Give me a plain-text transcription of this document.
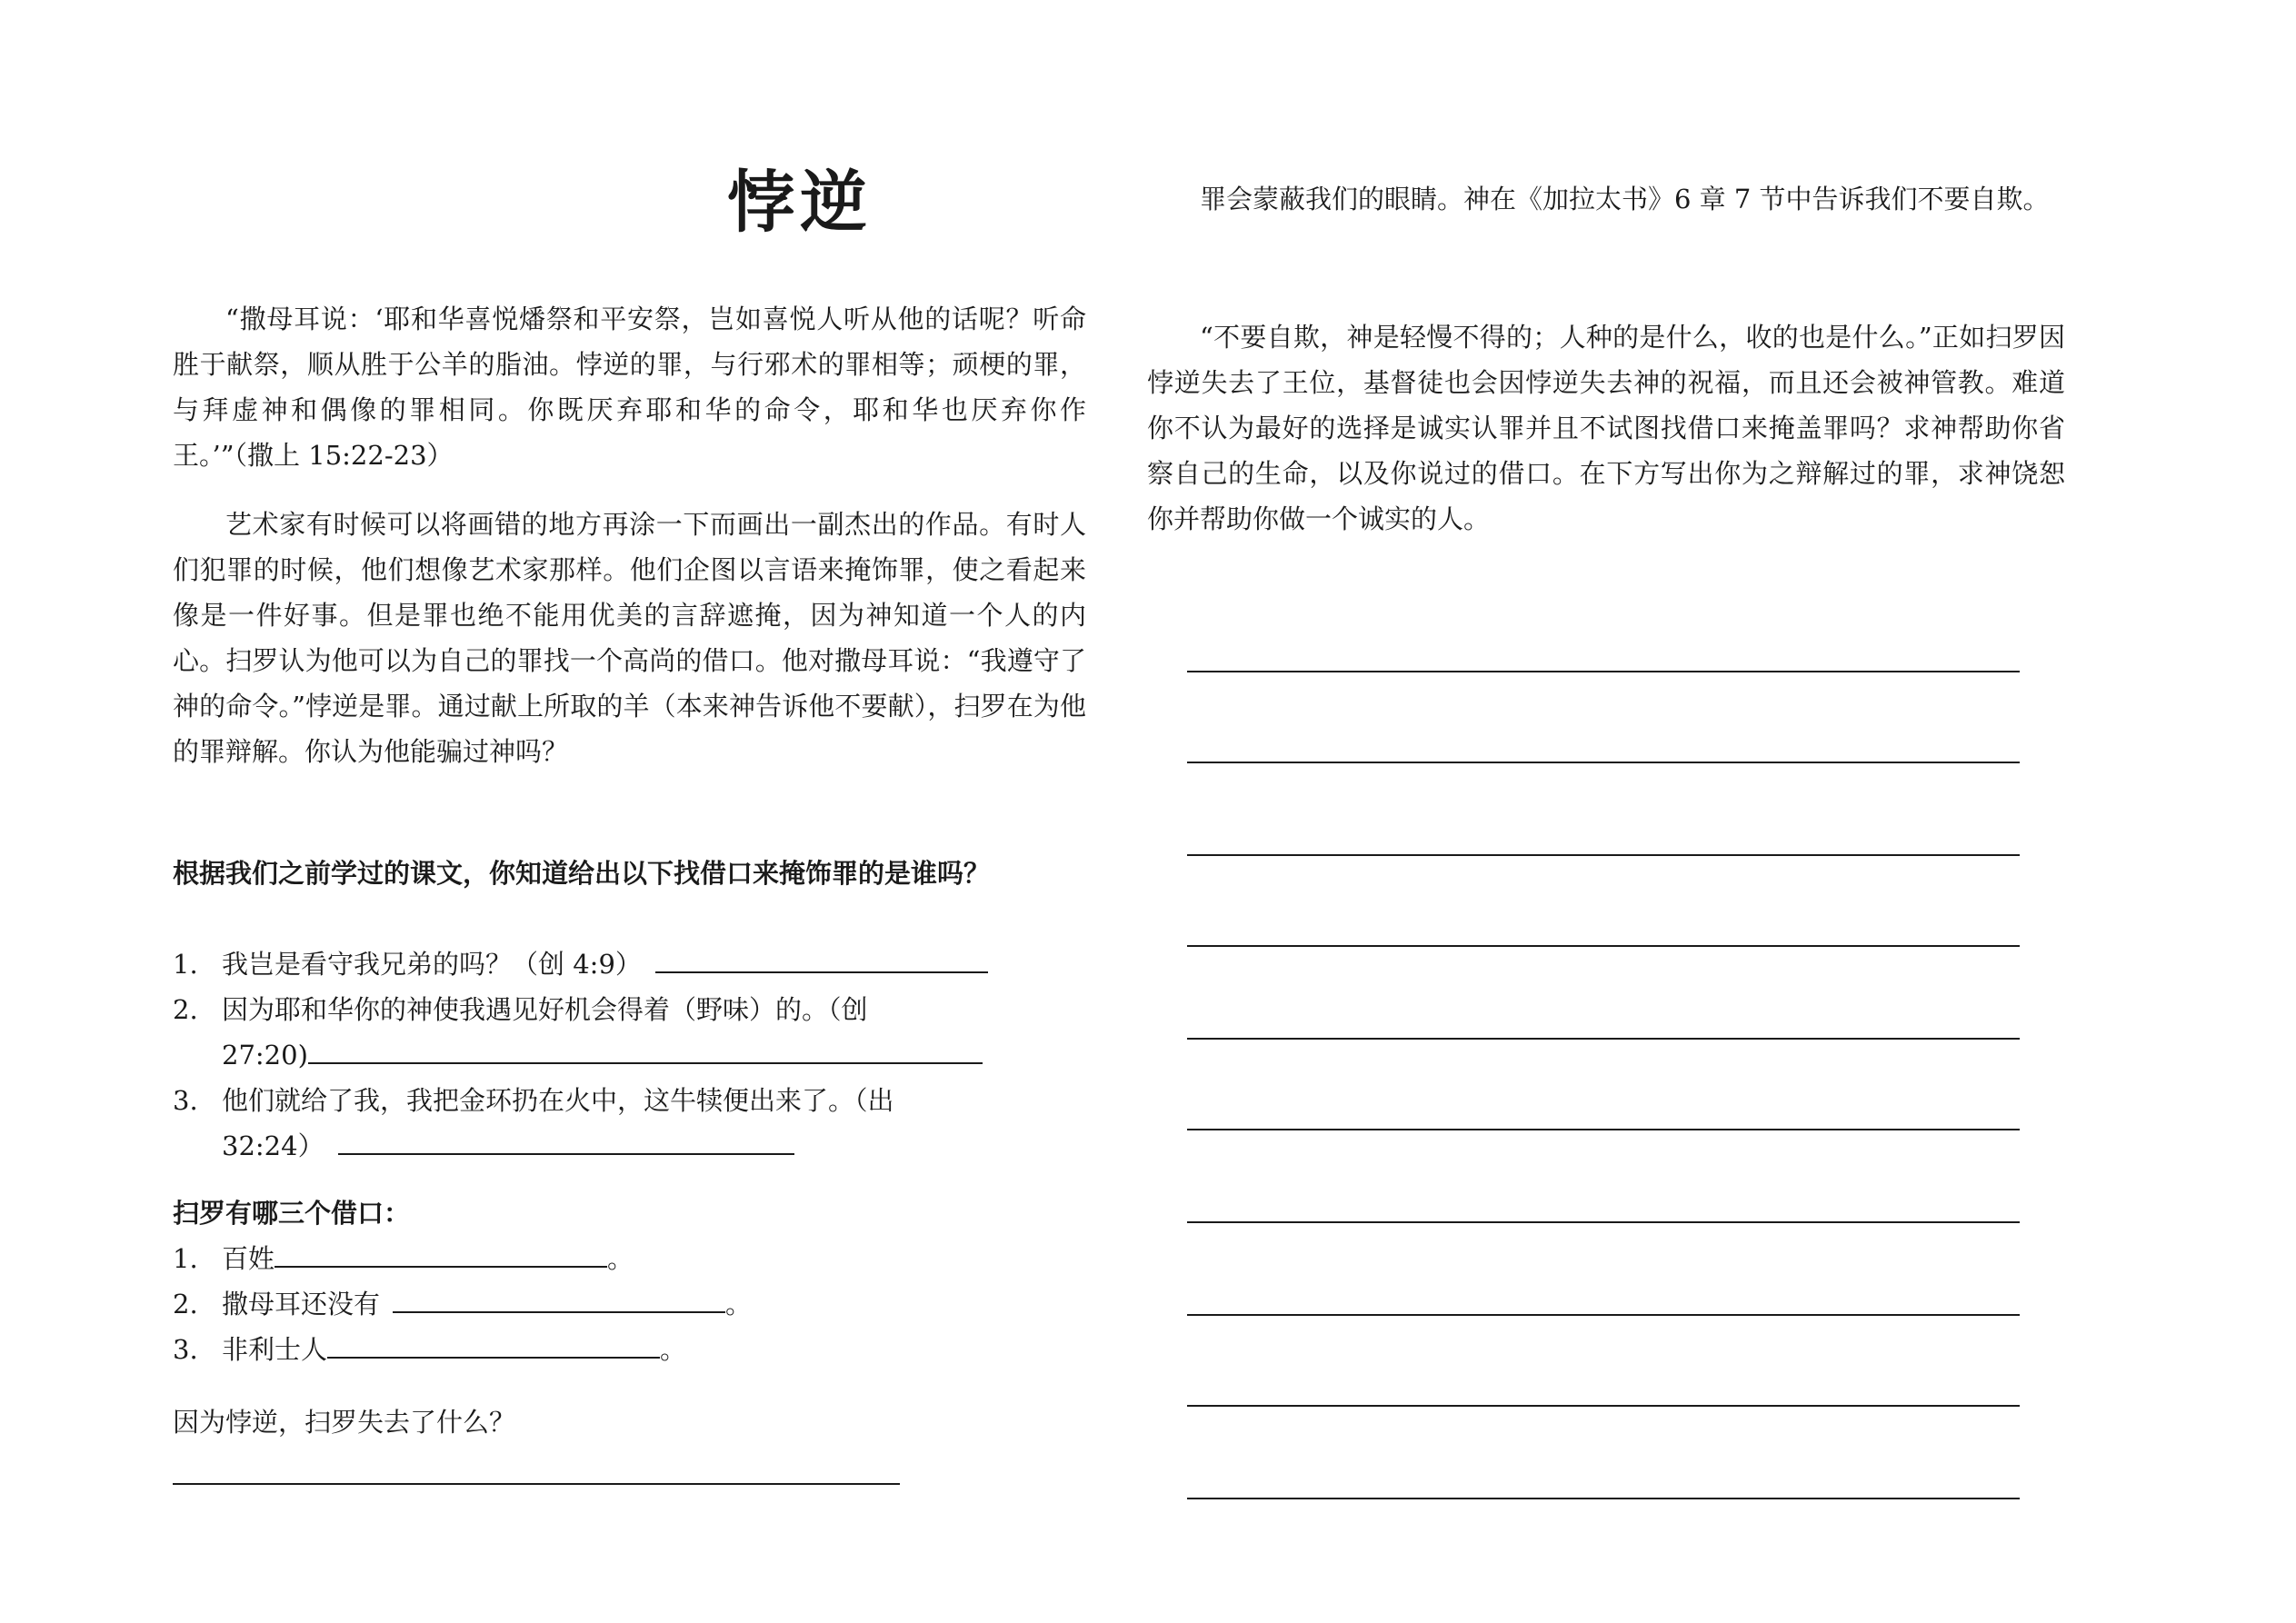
悖逆

“撒母耳说：‘耶和华喜悦燔祭和平安祭，岂如喜悦人听从他的话呢？听命胜于献祭，顺从胜于公羊的脂油。悖逆的罪，与行邪术的罪相等；顽梗的罪，与拜虚神和偶像的罪相同。你既厌弃耶和华的命令，耶和华也厌弃你作王。’”（撒上 15:22-23）

艺术家有时候可以将画错的地方再涂一下而画出一副杰出的作品。有时人们犯罪的时候，他们想像艺术家那样。他们企图以言语来掩饰罪，使之看起来像是一件好事。但是罪也绝不能用优美的言辞遮掩，因为神知道一个人的内心。扫罗认为他可以为自己的罪找一个高尚的借口。他对撒母耳说：“我遵守了神的命令。”悖逆是罪。通过献上所取的羊（本来神告诉他不要献），扫罗在为他的罪辩解。你认为他能骗过神吗？

根据我们之前学过的课文，你知道给出以下找借口来掩饰罪的是谁吗？

1. 我岂是看守我兄弟的吗？（创 4:9）
2. 因为耶和华你的神使我遇见好机会得着（野味）的。（创
27:20)
3. 他们就给了我，我把金环扔在火中，这牛犊便出来了。（出
32:24）

扫罗有哪三个借口：

1. 百姓	。
2. 撒母耳还没有	。
3. 非利士人	。

因为悖逆，扫罗失去了什么？

罪会蒙蔽我们的眼睛。神在《加拉太书》6 章 7 节中告诉我们不要自欺。

“不要自欺，神是轻慢不得的；人种的是什么，收的也是什么。”正如扫罗因悖逆失去了王位，基督徒也会因悖逆失去神的祝福，而且还会被神管教。难道你不认为最好的选择是诚实认罪并且不试图找借口来掩盖罪吗？求神帮助你省察自己的生命，以及你说过的借口。在下方写出你为之辩解过的罪，求神饶恕你并帮助你做一个诚实的人。
